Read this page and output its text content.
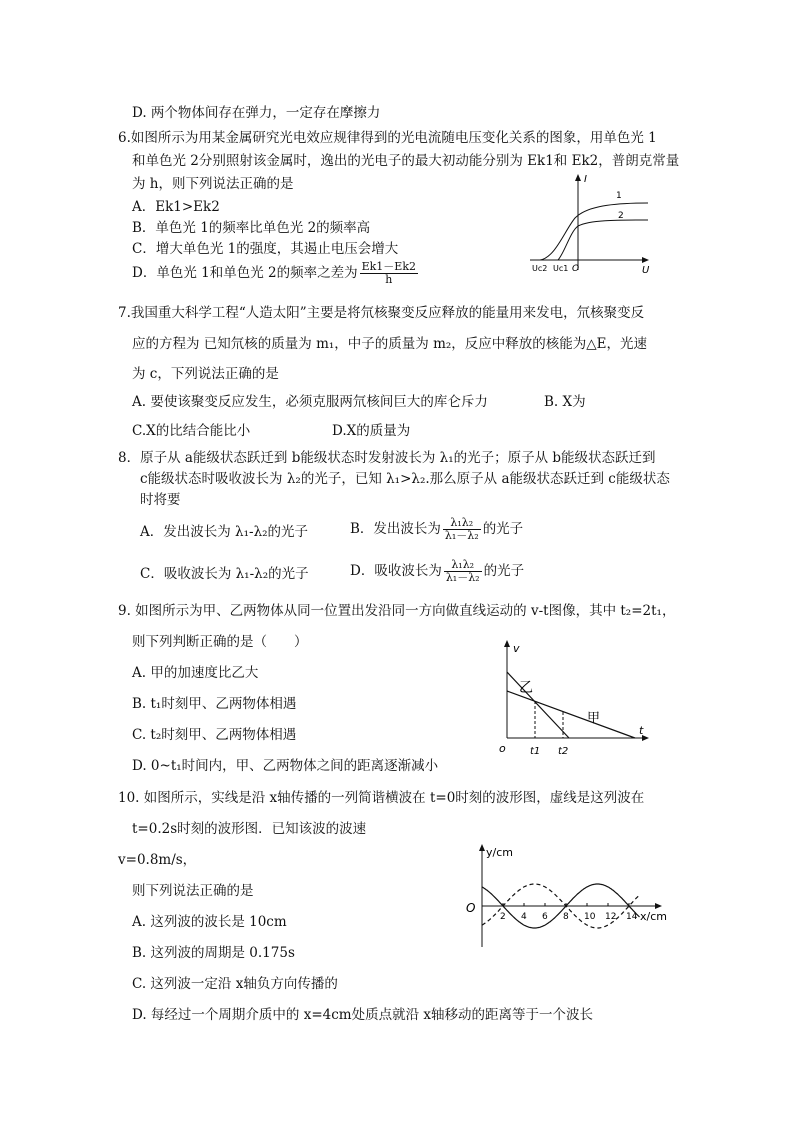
D. 两个物体间存在弹力，一定存在摩擦力
6.如图所示为用某金属研究光电效应规律得到的光电流随电压变化关系的图象，用单色光 1
和单色光 2分别照射该金属时，逸出的光电子的最大初动能分别为 Ek1和 Ek2，普朗克常量
为 h，则下列说法正确的是
A．Ek1>Ek2
B．单色光 1的频率比单色光 2的频率高
C．增大单色光 1的强度，其遏止电压会增大
D．单色光 1和单色光 2的频率之差为 $\frac{Ek1-Ek2}{h}$
I
U
1
2
Uc2 Uc1 O
7.我国重大科学工程“人造太阳”主要是将氘核聚变反应释放的能量用来发电，氘核聚变反
应的方程为 已知氘核的质量为 m₁，中子的质量为 m₂，反应中释放的核能为△E，光速
为 c，下列说法正确的是
A. 要使该聚变反应发生，必须克服两氘核间巨大的库仑斥力	B. X为
C.X的比结合能比小	D.X的质量为
8．原子从 a能级状态跃迁到 b能级状态时发射波长为 λ₁的光子；原子从 b能级状态跃迁到
c能级状态时吸收波长为 λ₂的光子，已知 λ₁>λ₂.那么原子从 a能级状态跃迁到 c能级状态
时将要
A．发出波长为 λ₁-λ₂的光子	B．发出波长为 $\frac{\text{λ₁λ₂}}{\text{λ₁－λ₂}}$ 的光子
C．吸收波长为 λ₁-λ₂的光子	D．吸收波长为 $\frac{\text{λ₁λ₂}}{\text{λ₁－λ₂}}$ 的光子
9. 如图所示为甲、乙两物体从同一位置出发沿同一方向做直线运动的 v-t图像，其中 t₂=2t₁，
则下列判断正确的是（　　）
A. 甲的加速度比乙大
B. t₁时刻甲、乙两物体相遇
C. t₂时刻甲、乙两物体相遇
D. 0~t₁时间内，甲、乙两物体之间的距离逐渐减小
v
t
o
乙
甲
t1 t2
10. 如图所示，实线是沿 x轴传播的一列简谐横波在 t=0时刻的波形图，虚线是这列波在
t=0.2s时刻的波形图．已知该波的波速
v=0.8m/s，
则下列说法正确的是
A. 这列波的波长是 10cm
B. 这列波的周期是 0.175s
C. 这列波一定沿 x轴负方向传播的
D. 每经过一个周期介质中的 x=4cm处质点就沿 x轴移动的距离等于一个波长
y/cm
x/cm
O
2 4 6 8 10 12 14
